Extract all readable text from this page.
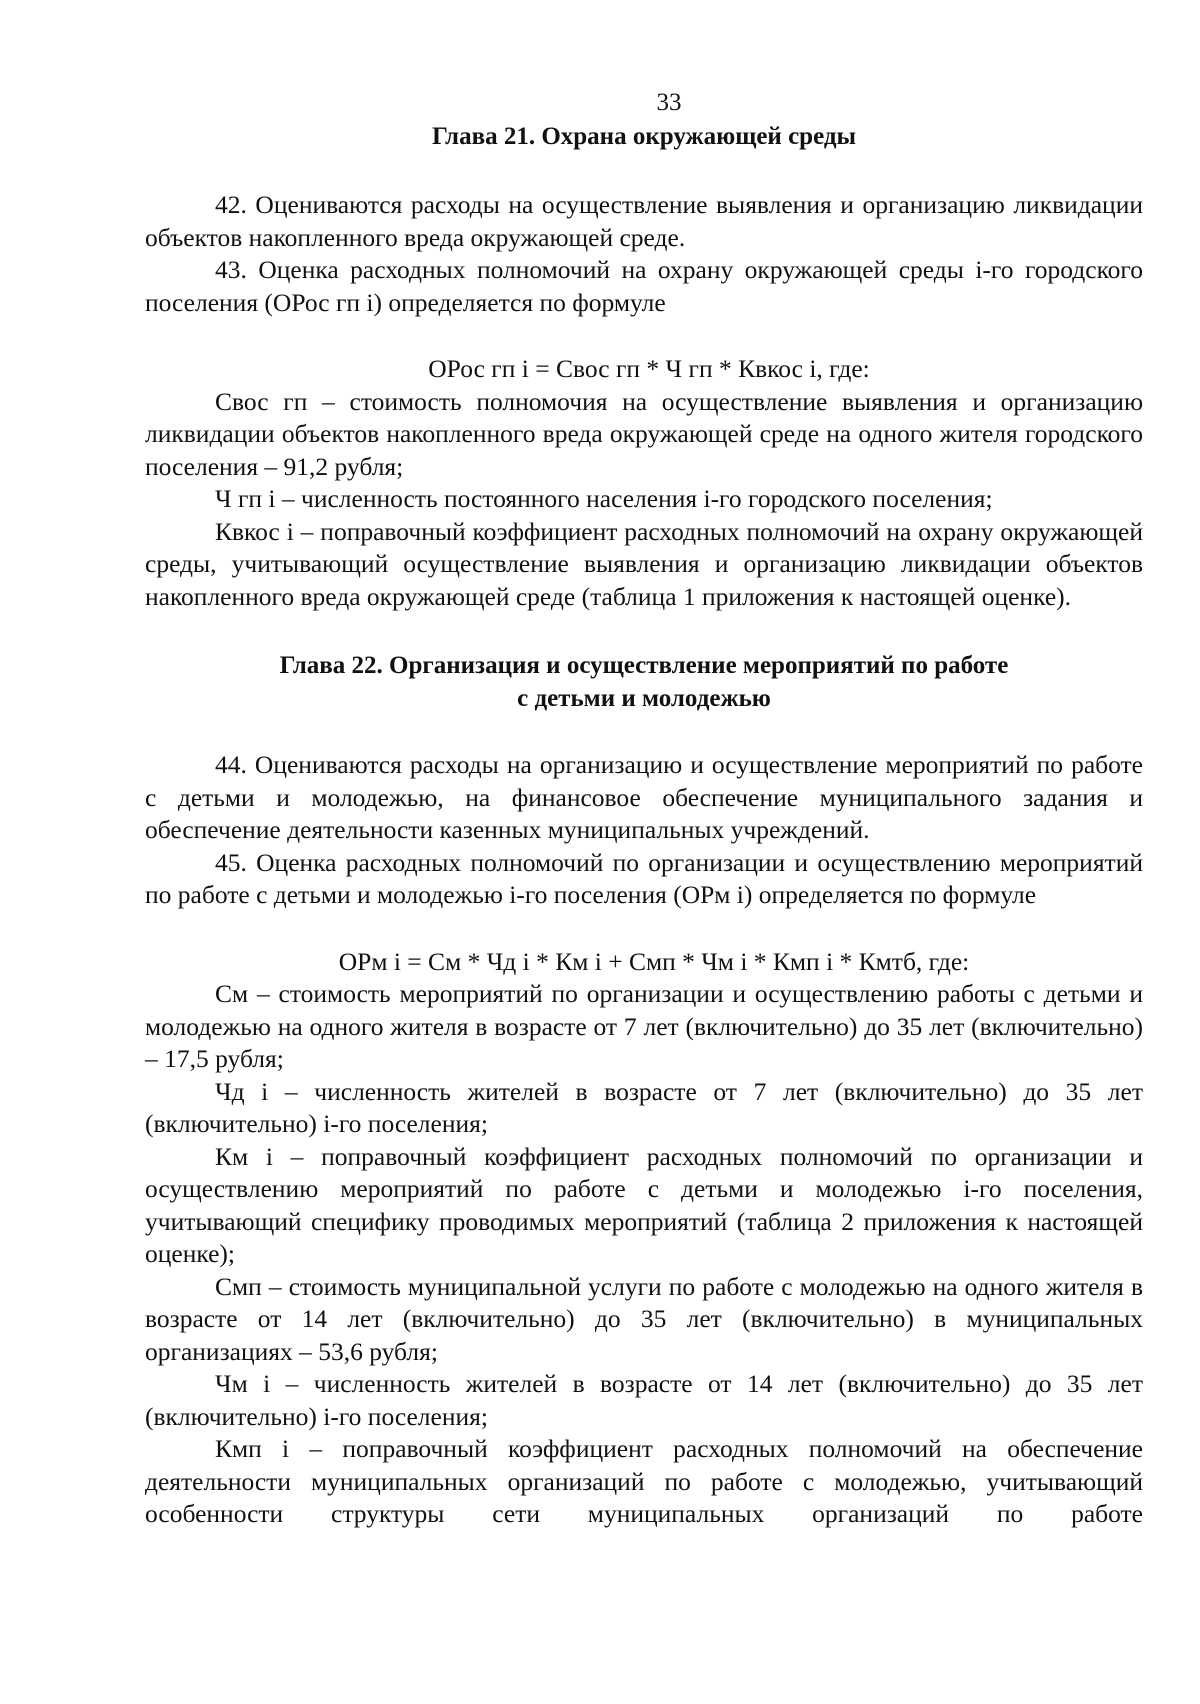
33
Глава 21. Охрана окружающей среды

42. Оцениваются расходы на осуществление выявления и организацию ликвидации объектов накопленного вреда окружающей среде.

43. Оценка расходных полномочий на охрану окружающей среды i-го городского поселения (ОРос гп i) определяется по формуле

ОРос гп i = Свос гп * Ч гп * Квкос i, где:

Свос гп – стоимость полномочия на осуществление выявления и организацию ликвидации объектов накопленного вреда окружающей среде на одного жителя городского поселения – 91,2 рубля;

Ч гп i – численность постоянного населения i-го городского поселения;

Квкос i – поправочный коэффициент расходных полномочий на охрану окружающей среды, учитывающий осуществление выявления и организацию ликвидации объектов накопленного вреда окружающей среде (таблица 1 приложения к настоящей оценке).

Глава 22. Организация и осуществление мероприятий по работе
с детьми и молодежью

44. Оцениваются расходы на организацию и осуществление мероприятий по работе с детьми и молодежью, на финансовое обеспечение муниципального задания и обеспечение деятельности казенных муниципальных учреждений.

45. Оценка расходных полномочий по организации и осуществлению мероприятий по работе с детьми и молодежью i-го поселения (ОРм i) определяется по формуле

ОРм i = См * Чд i * Км i + Смп * Чм i * Кмп i * Кмтб, где:

См – стоимость мероприятий по организации и осуществлению работы с детьми и молодежью на одного жителя в возрасте от 7 лет (включительно) до 35 лет (включительно) – 17,5 рубля;

Чд i – численность жителей в возрасте от 7 лет (включительно) до 35 лет (включительно) i-го поселения;

Км i – поправочный коэффициент расходных полномочий по организации и осуществлению мероприятий по работе с детьми и молодежью i-го поселения, учитывающий специфику проводимых мероприятий (таблица 2 приложения к настоящей оценке);

Смп – стоимость муниципальной услуги по работе с молодежью на одного жителя в возрасте от 14 лет (включительно) до 35 лет (включительно) в муниципальных организациях – 53,6 рубля;

Чм i – численность жителей в возрасте от 14 лет (включительно) до 35 лет (включительно) i-го поселения;

Кмп i – поправочный коэффициент расходных полномочий на обеспечение деятельности муниципальных организаций по работе с молодежью, учитывающий особенности структуры сети муниципальных организаций по работе
